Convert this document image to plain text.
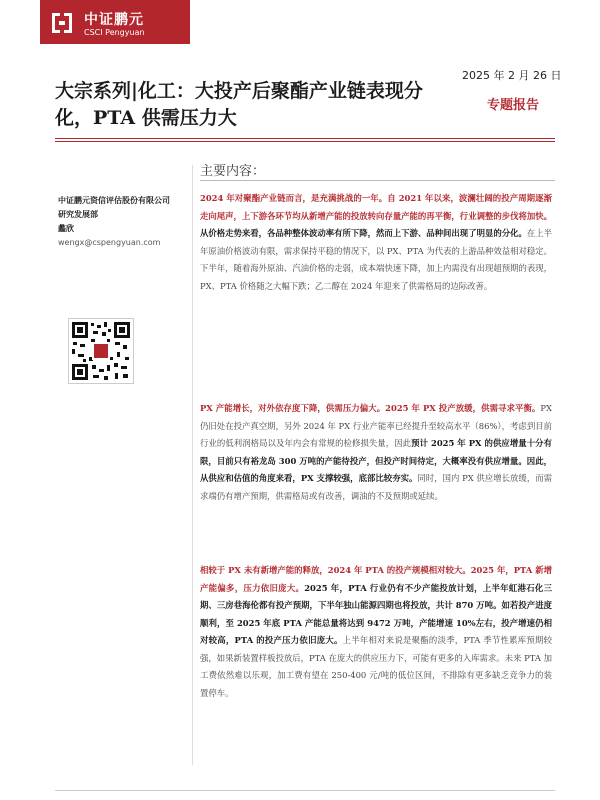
中证鹏元
CSCI Pengyuan
大宗系列|化工：大投产后聚酯产业链表现分化，PTA 供需压力大
2025 年 2 月 26 日
专题报告
中证鹏元资信评估股份有限公司
研究发展部
蠡欣
wengx@cspengyuan.com
主要内容：
2024 年对聚酯产业链而言，是充满挑战的一年。自 2021 年以来，波澜壮阔的投产周期逐渐走向尾声，上下游各环节均从新增产能的投放转向存量产能的再平衡，行业调整的步伐将加快。从价格走势来看，各品种整体波动率有所下降，然而上下游、品种间出现了明显的分化。在上半年原油价格波动有限，需求保持平稳的情况下，以 PX、PTA 为代表的上游品种效益相对稳定。下半年，随着海外原油、汽油价格的走弱，成本端快速下降，加上内需没有出现超预期的表现，PX、PTA 价格随之大幅下跌；乙二醇在 2024 年迎来了供需格局的边际改善。
PX 产能增长，对外依存度下降，供需压力偏大。2025 年 PX 投产放缓，供需寻求平衡。PX 仍旧处在投产真空期，另外 2024 年 PX 行业产能率已经提升至较高水平（86%），考虑到目前行业的低利润格局以及年内会有常规的检修损失量，因此预计 2025 年 PX 的供应增量十分有限，目前只有裕龙岛 300 万吨的产能待投产，但投产时间待定，大概率没有供应增量。因此，从供应和估值的角度来看，PX 支撑较强，底部比较夯实。同时，国内 PX 供应增长放缓，而需求端仍有增产预期，供需格局或有改善，调油的不及预期或延续。
相较于 PX 未有新增产能的释放，2024 年 PTA 的投产规模相对较大。2025 年，PTA 新增产能偏多，压力依旧庞大。2025 年，PTA 行业仍有不少产能投放计划，上半年虹港石化三期、三房巷海伦都有投产预期，下半年独山能源四期也将投放，共计 870 万吨。如若投产进度顺利，至 2025 年底 PTA 产能总量将达到 9472 万吨，产能增速 10%左右，投产增速仍相对较高，PTA 的投产压力依旧庞大。上半年相对来说是聚酯的淡季，PTA 季节性累库预期较强，如果新装置样板投放后，PTA 在庞大的供应压力下，可能有更多的入库需求。未来 PTA 加工费依然难以乐观，加工费有望在 250-400 元/吨的低位区间，不排除有更多缺乏竞争力的装置停车。
